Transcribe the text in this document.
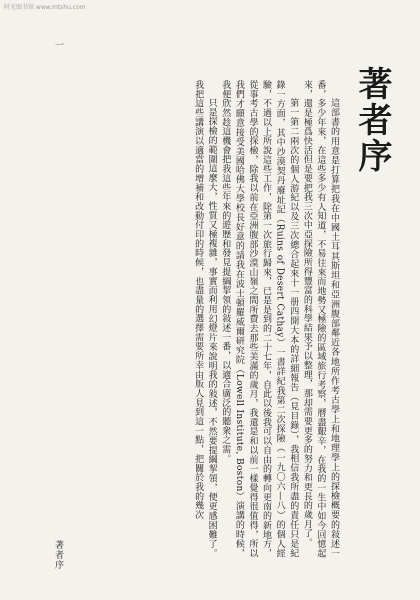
时光图书馆 www.mtshu.com
著者序

這部書的用意是打算把我在中國土耳其斯坦和亞洲腹部鄰近各地所作考古學上和地理學上的探檢概要的敍述一番，多少年來，在這些多少有人知道，不易往來而地勢又極險的區域旅行考察，曆盡艱辛，在我的一生中如今回憶起來，還是極爲快活但是要把我三次中亞探險所得豐富的科學結果予以整理，那却需要更多的努力和更長的歲月了。

第一第二兩次的個人游紀以及三次總合起來十一册四開大本的詳細報告（見目錄），我相信我所盡的責任只是紀錄一方面，其中沙漠契丹廢址記（Ruins of Desert Cathay）一書詳紀我第二次探險（一九〇六—八）的個人經驗，不過以上所說這些工作，除第一次旅行歸來，已是是到的二十七年，自此以後我可以自由的轉向更南的新地方，從事考古學的探檢，除我以前在亞洲腹部沙漠山嶺之間所費去那些美滿的歲月，我還是和以前一樣覺得很值得，所以我們才願意接受美國哈佛大學校長好意的請我在波士頓羅威爾研究院（Lowell Institute, Boston）演講的時候，我便欣然趁這機會把我這些年來的遊歷和發見提綱挈領的敍述一番，以適合廣泛的聽衆之需。

只是探檢的範圍這麼大，性質又極複雜，事實而利用幻燈片來說明我的敍述，不然要提綱挈領，便更感困難了。我把這些講演以適當的增補和改動付印的時候，也盡量的選擇需要所幸由版人見到這一點，把關於我的幾次

一
著者序
